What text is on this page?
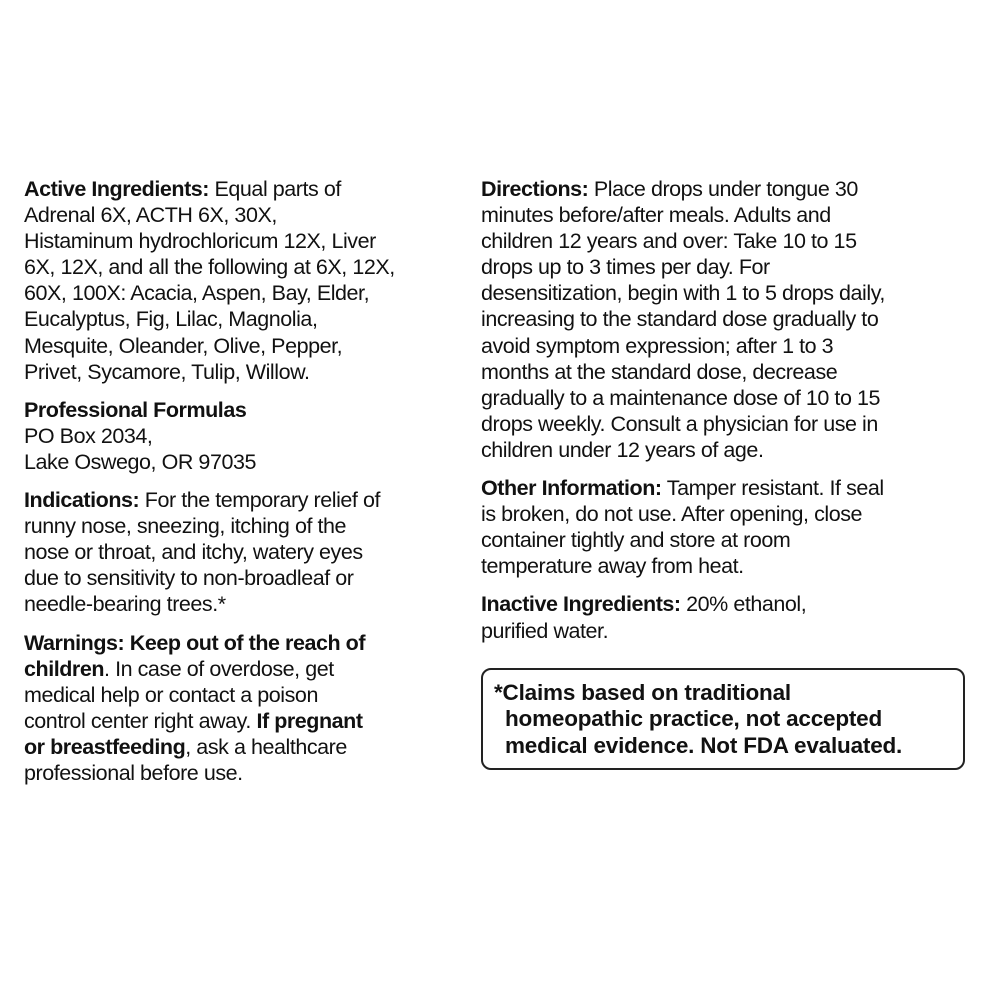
Active Ingredients: Equal parts of
Adrenal 6X, ACTH 6X, 30X,
Histaminum hydrochloricum 12X, Liver
6X, 12X, and all the following at 6X, 12X,
60X, 100X: Acacia, Aspen, Bay, Elder,
Eucalyptus, Fig, Lilac, Magnolia,
Mesquite, Oleander, Olive, Pepper,
Privet, Sycamore, Tulip, Willow.
Professional Formulas
PO Box 2034,
Lake Oswego, OR 97035
Indications: For the temporary relief of
runny nose, sneezing, itching of the
nose or throat, and itchy, watery eyes
due to sensitivity to non-broadleaf or
needle-bearing trees.*
Warnings: Keep out of the reach of
children. In case of overdose, get
medical help or contact a poison
control center right away. If pregnant
or breastfeeding, ask a healthcare
professional before use.
Directions: Place drops under tongue 30
minutes before/after meals. Adults and
children 12 years and over: Take 10 to 15
drops up to 3 times per day. For
desensitization, begin with 1 to 5 drops daily,
increasing to the standard dose gradually to
avoid symptom expression; after 1 to 3
months at the standard dose, decrease
gradually to a maintenance dose of 10 to 15
drops weekly. Consult a physician for use in
children under 12 years of age.
Other Information: Tamper resistant. If seal
is broken, do not use. After opening, close
container tightly and store at room
temperature away from heat.
Inactive Ingredients: 20% ethanol,
purified water.
*Claims based on traditional
homeopathic practice, not accepted
medical evidence. Not FDA evaluated.
